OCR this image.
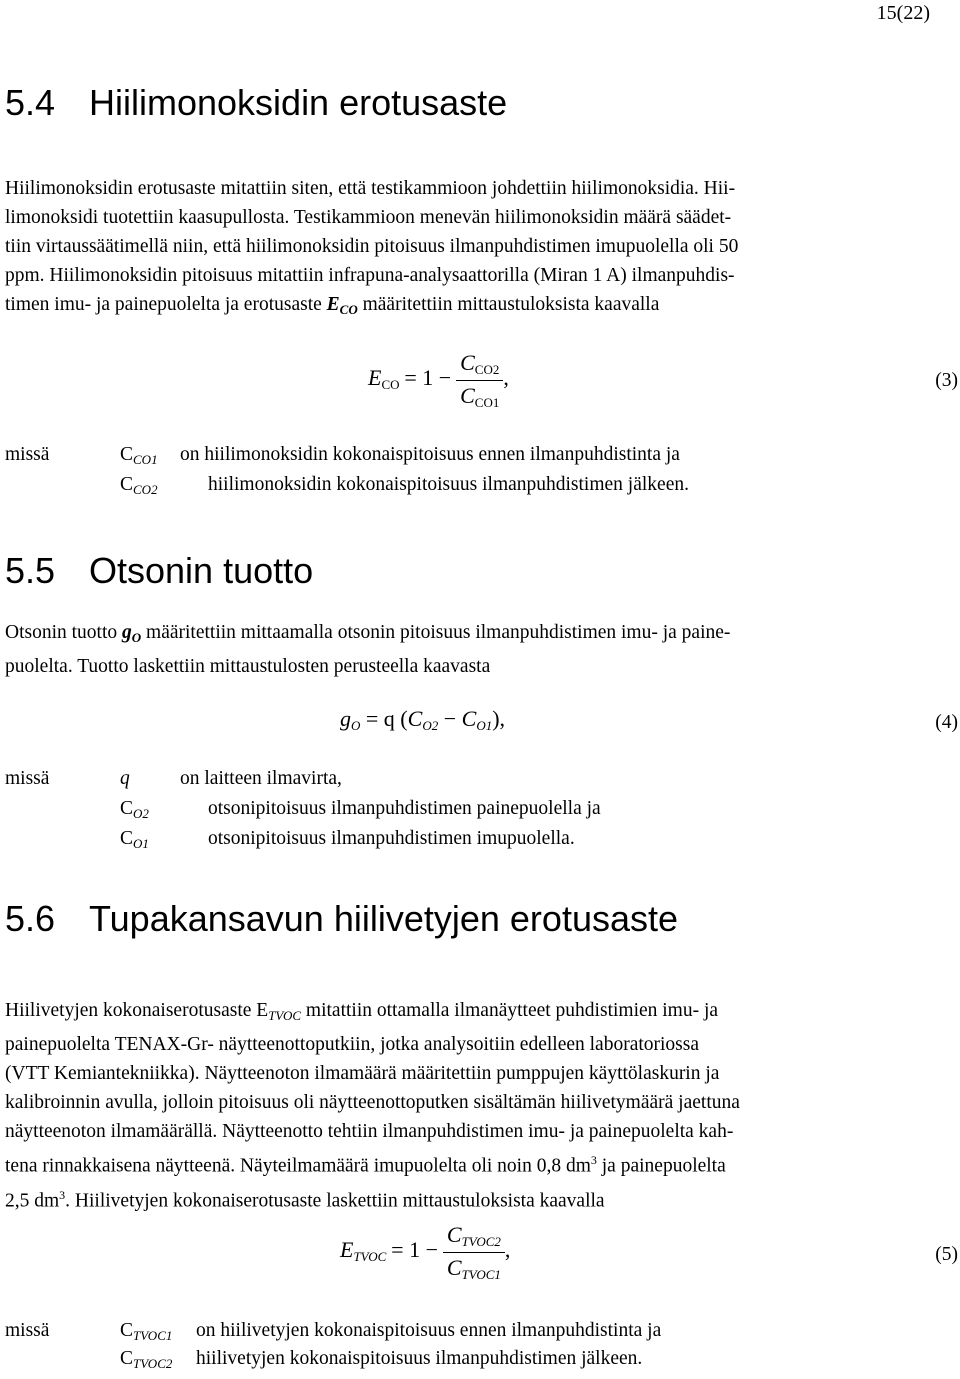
15(22)
5.4 Hiilimonoksidin erotusaste
Hiilimonoksidin erotusaste mitattiin siten, että testikammioon johdettiin hiilimonoksidia. Hii-
limonoksidi tuotettiin kaasupullosta. Testikammioon menevän hiilimonoksidin määrä säädet-
tiin virtaussäätimellä niin, että hiilimonoksidin pitoisuus ilmanpuhdistimen imupuolella oli 50
ppm. Hiilimonoksidin pitoisuus mitattiin infrapuna-analysaattorilla (Miran 1 A) ilmanpuhdis-
timen imu- ja painepuolelta ja erotusaste $E_{CO}$ määritettiin mittaustuloksista kaavalla
$E_{CO} = 1 - \frac{C_{CO2}}{C_{CO1}}$ ,	(3)
missä	$C_{CO1}$ on hiilimonoksidin kokonaispitoisuus ennen ilmanpuhdistinta ja
$C_{CO2}$	hiilimonoksidin kokonaispitoisuus ilmanpuhdistimen jälkeen.
5.5 Otsonin tuotto
Otsonin tuotto $g_O$ määritettiin mittaamalla otsonin pitoisuus ilmanpuhdistimen imu- ja paine-
puolelta. Tuotto laskettiin mittaustulosten perusteella kaavasta
$g_O = q$ $(C_{O2} - C_{O1})$,	(4)
missä	q	on laitteen ilmavirta,
$C_{O2}$	otsonipitoisuus ilmanpuhdistimen painepuolella ja
$C_{O1}$	otsonipitoisuus ilmanpuhdistimen imupuolella.
5.6 Tupakansavun hiilivetyjen erotusaste
Hiilivetyjen kokonaiserotusaste $E_{TVOC}$ mitattiin ottamalla ilmanäytteet puhdistimien imu- ja
painepuolelta TENAX-Gr- näytteenottoputkiin, jotka analysoitiin edelleen laboratoriossa
(VTT Kemiantekniikka). Näytteenoton ilmamäärä määritettiin pumppujen käyttölaskurin ja
kalibroinnin avulla, jolloin pitoisuus oli näytteenottoputken sisältämän hiilivetymäärä jaettuna
näytteenoton ilmamäärällä. Näytteenotto tehtiin ilmanpuhdistimen imu- ja painepuolelta kah-
tena rinnakkaisena näytteenä. Näyteilmamäärä imupuolelta oli noin 0,8 $dm^3$ ja painepuolelta
2,5 $dm^3$. Hiilivetyjen kokonaiserotusaste laskettiin mittaustuloksista kaavalla
$E_{TVOC} = 1 - \frac{C_{TVOC2}}{C_{TVOC1}}$ ,	(5)
missä	$C_{TVOC1}$ on hiilivetyjen kokonaispitoisuus ennen ilmanpuhdistinta ja
$C_{TVOC2}$ hiilivetyjen kokonaispitoisuus ilmanpuhdistimen jälkeen.
